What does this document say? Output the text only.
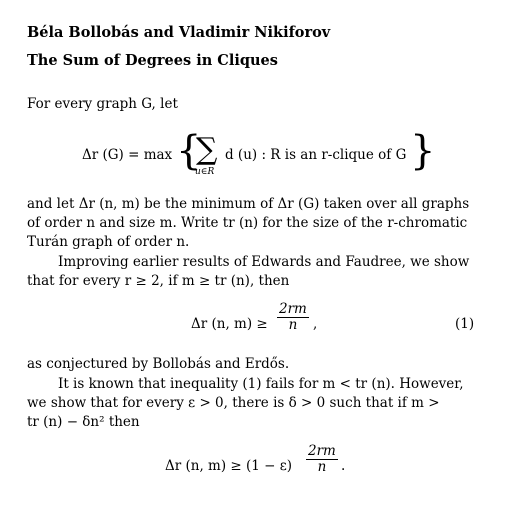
Béla Bollobás and Vladimir Nikiforov
The Sum of Degrees in Cliques
For every graph G, let
Δr (G) = max {
∑
u∈R
d (u) : R is an r-clique of G }
and let Δr (n, m) be the minimum of Δr (G) taken over all graphs
of order n and size m. Write tr (n) for the size of the r-chromatic
Turán graph of order n.
Improving earlier results of Edwards and Faudree, we show
that for every r ≥ 2, if m ≥ tr (n), then
Δr (n, $m) \ge \frac{2rm}{n}$ ,	(1)
as conjectured by Bollobás and Erdős.
It is known that inequality (1) fails for m < tr (n). However,
we show that for every ε > 0, there is δ > 0 such that if m >
tr (n) − δn² then
Δr (n, $m) \ge (1 - \varepsilon) \frac{2rm}{n}$ .
